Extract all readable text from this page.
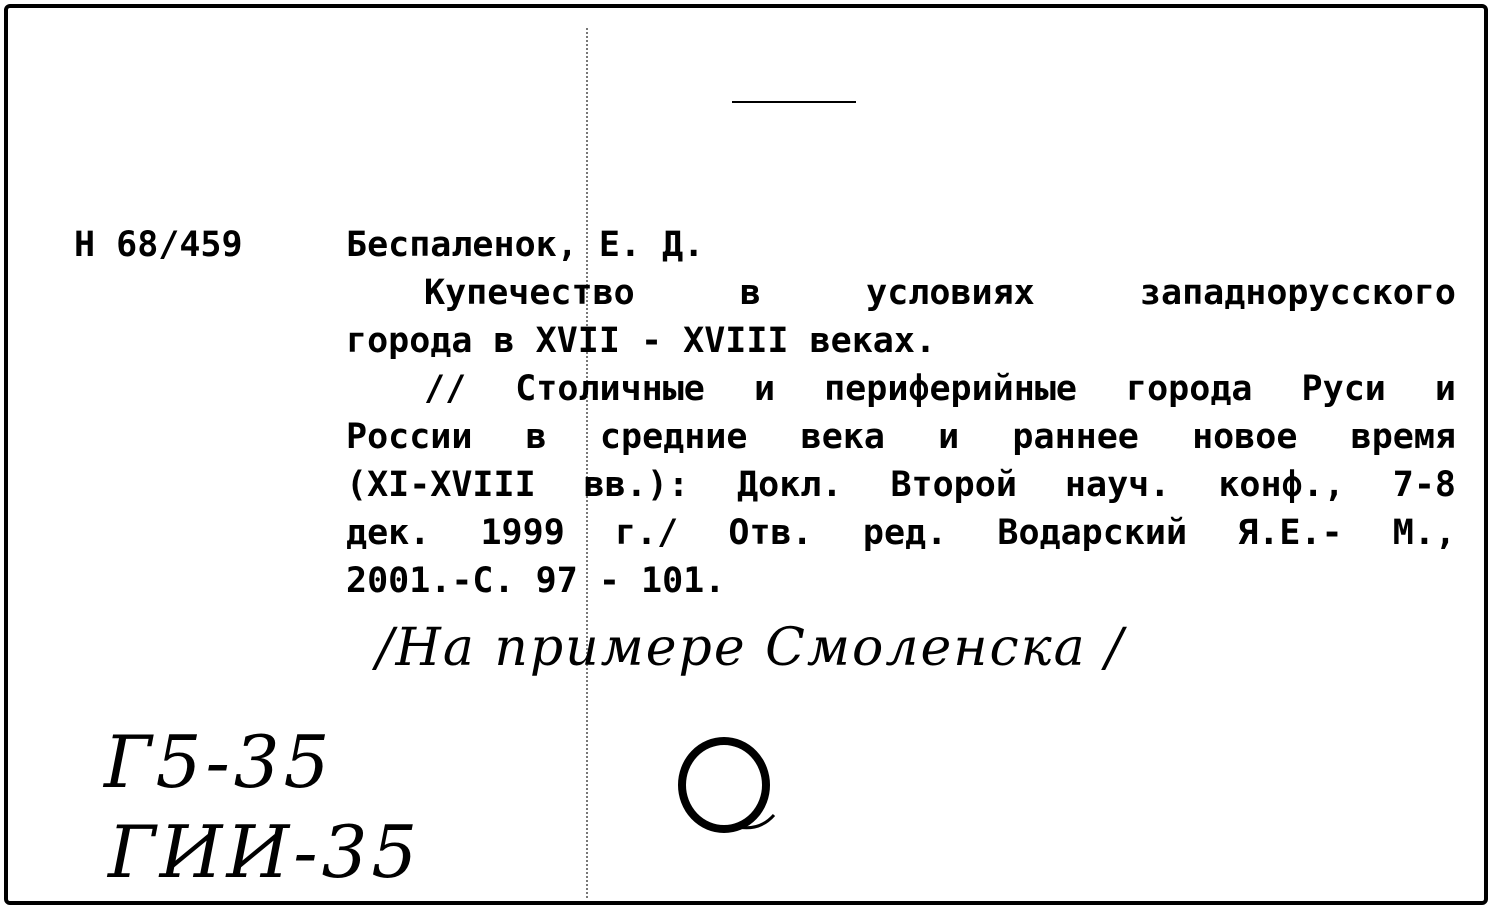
Н 68/459	Беспаленок, Е. Д.
Купечество в условиях западнорусского
города в XVII - XVIII веках.
// Столичные и периферийные города Руси и
России в средние века и раннее новое время
(XI-XVIII вв.): Докл. Второй науч. конф., 7-8
дек. 1999 г./ Отв. ред. Водарский Я.Е.- М.,
2001.-С. 97 - 101.
/На примере Смоленска /
Г5-35
ГИИ-35
